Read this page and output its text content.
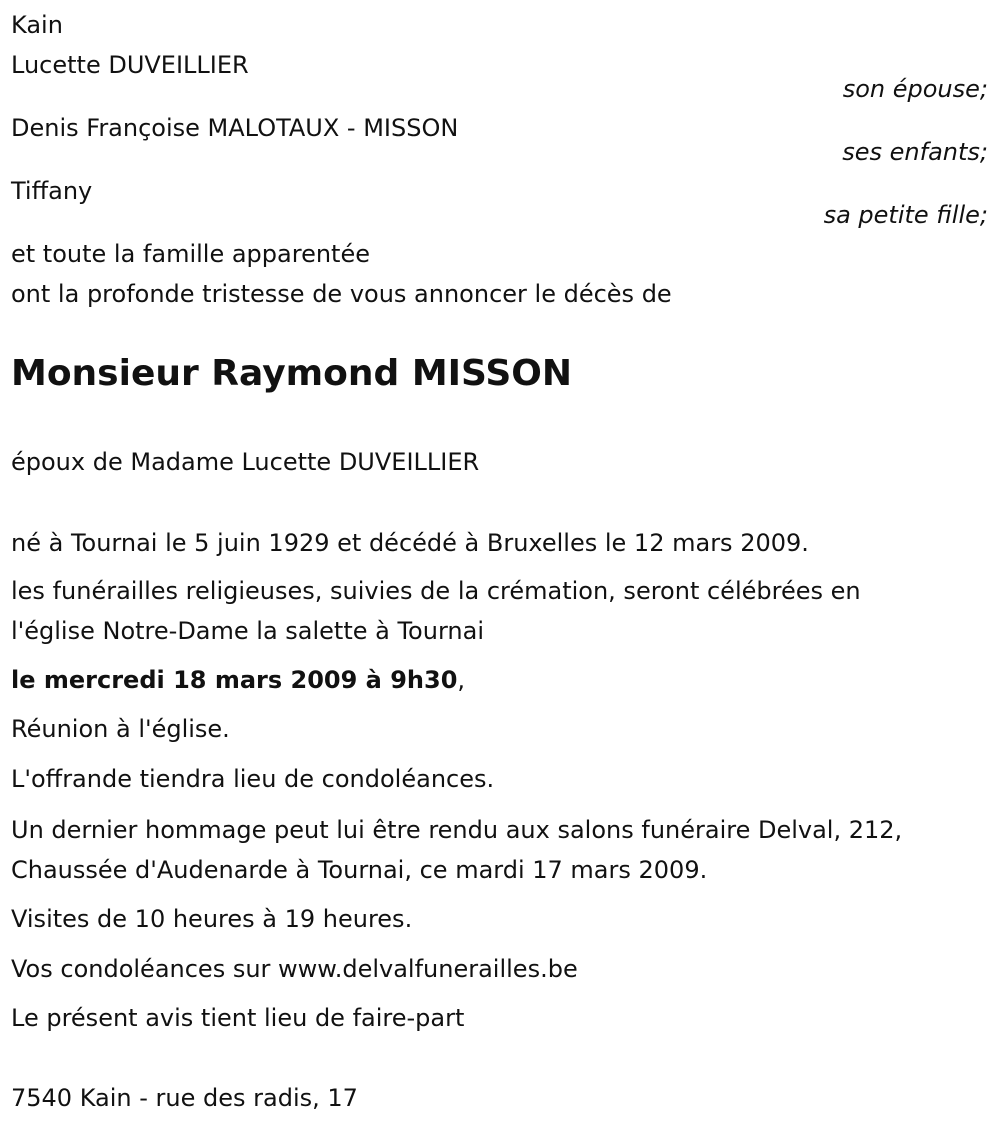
Kain
Lucette DUVEILLIER
son épouse;
Denis Françoise MALOTAUX - MISSON
ses enfants;
Tiffany
sa petite fille;
et toute la famille apparentée
ont la profonde tristesse de vous annoncer le décès de
Monsieur Raymond MISSON
époux de Madame Lucette DUVEILLIER
né à Tournai le 5 juin 1929 et décédé à Bruxelles le 12 mars 2009.
les funérailles religieuses, suivies de la crémation, seront célébrées en
l'église Notre-Dame la salette à Tournai
le mercredi 18 mars 2009 à 9h30,
Réunion à l'église.
L'offrande tiendra lieu de condoléances.
Un dernier hommage peut lui être rendu aux salons funéraire Delval, 212,
Chaussée d'Audenarde à Tournai, ce mardi 17 mars 2009.
Visites de 10 heures à 19 heures.
Vos condoléances sur www.delvalfunerailles.be
Le présent avis tient lieu de faire-part
7540 Kain - rue des radis, 17
